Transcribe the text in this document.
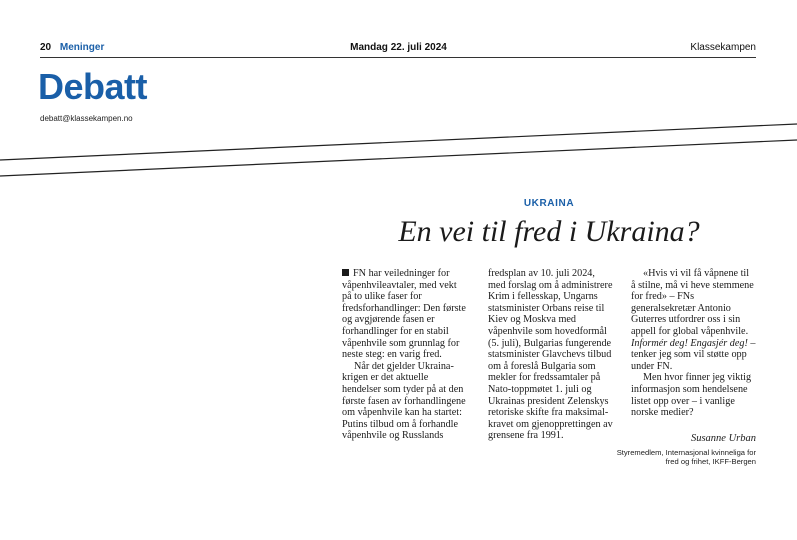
20 Meninger	Mandag 22. juli 2024	Klassekampen
Debatt
debatt@klassekampen.no
UKRAINA
En vei til fred i Ukraina?

FN har veiledninger for våpenhvileavtaler, med vekt på to ulike faser for fredsforhandlinger: Den første og avgjørende fasen er forhandlinger for en stabil våpenhvile som grunnlag for neste steg: en varig fred.

Når det gjelder Ukraina-krigen er det aktuelle hendelser som tyder på at den første fasen av forhandlingene om våpenhvile kan ha startet: Putins tilbud om å forhandle våpenhvile og Russlands

fredsplan av 10. juli 2024, med forslag om å administrere Krim i fellesskap, Ungarns statsminister Orbans reise til Kiev og Moskva med våpenhvile som hovedformål (5. juli), Bulgarias fungerende statsminister Glavchevs tilbud om å foreslå Bulgaria som mekler for fredssamtaler på Nato-toppmøtet 1. juli og Ukrainas president Zelenskys retoriske skifte fra maksimal-kravet om gjenopprettingen av grensene fra 1991.

«Hvis vi vil få våpnene til å stilne, må vi heve stemmene for fred» – FNs generalsekretær Antonio Guterres utfordrer oss i sin appell for global våpenhvile. Informér deg! Engasjér deg! – tenker jeg som vil støtte opp under FN.

Men hvor finner jeg viktig informasjon som hendelsene listet opp over – i vanlige norske medier?

Susanne Urban
Styremedlem, Internasjonal kvinneliga for fred og frihet, IKFF-Bergen
